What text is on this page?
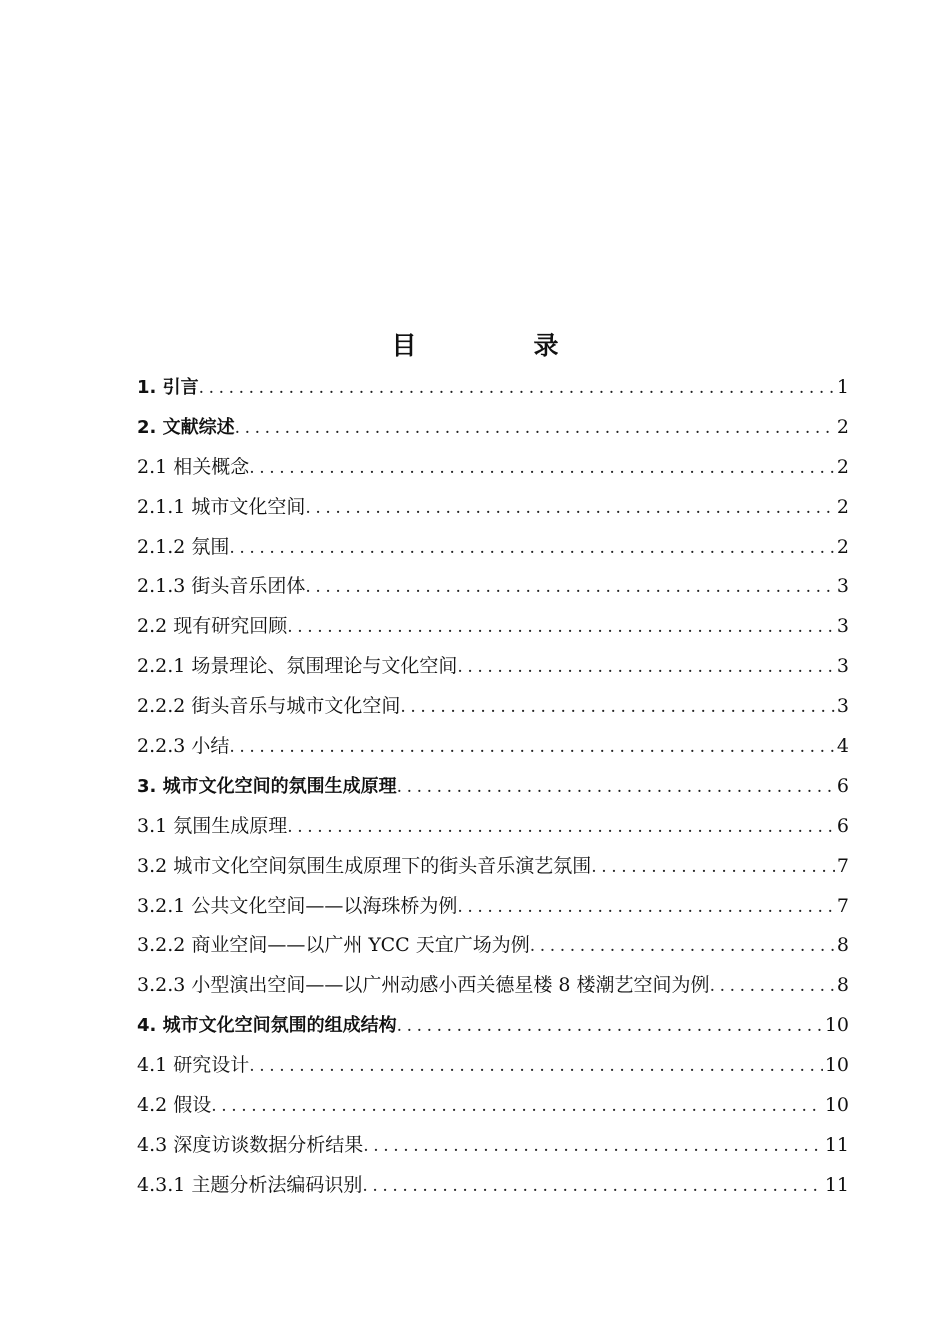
目　录
1. 引言 .....	1
2. 文献综述 .....	2
2.1 相关概念 .....	2
2.1.1 城市文化空间 .....	2
2.1.2 氛围 .....	2
2.1.3 街头音乐团体 .....	3
2.2 现有研究回顾 .....	3
2.2.1 场景理论、氛围理论与文化空间 .....	3
2.2.2 街头音乐与城市文化空间 .....	3
2.2.3 小结 .....	4
3. 城市文化空间的氛围生成原理 .....	6
3.1 氛围生成原理 .....	6
3.2 城市文化空间氛围生成原理下的街头音乐演艺氛围 .....	7
3.2.1 公共文化空间——以海珠桥为例 .....	7
3.2.2 商业空间——以广州 YCC 天宜广场为例 .....	8
3.2.3 小型演出空间——以广州动感小西关德星楼 8 楼潮艺空间为例 .....	8
4. 城市文化空间氛围的组成结构 .....	10
4.1 研究设计 .....	10
4.2 假设 .....	10
4.3 深度访谈数据分析结果 .....	11
4.3.1 主题分析法编码识别 .....	11
